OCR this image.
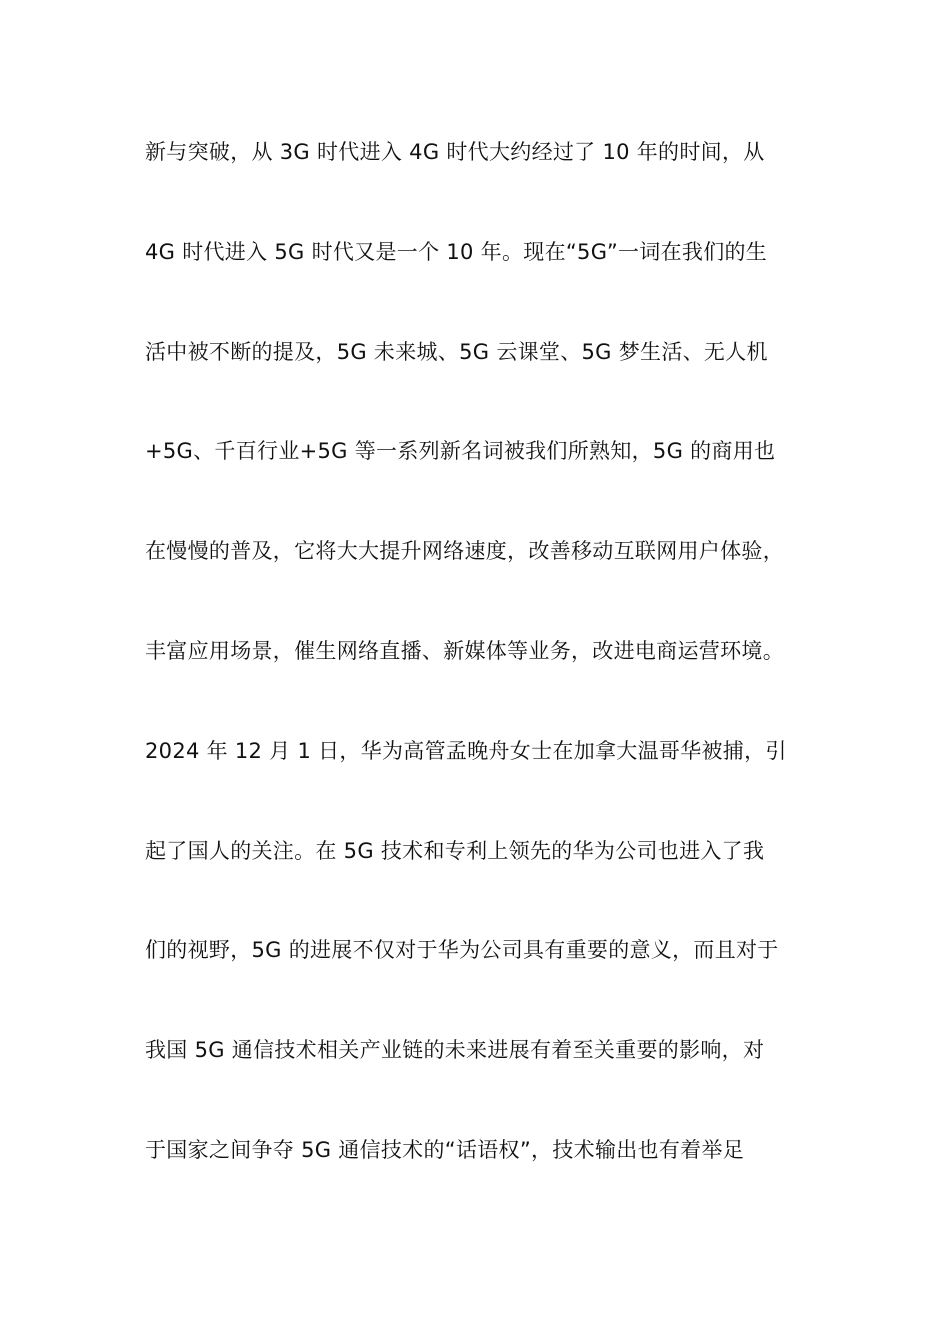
新与突破，从 3G 时代进入 4G 时代大约经过了 10 年的时间，从

4G 时代进入 5G 时代又是一个 10 年。现在“5G”一词在我们的生

活中被不断的提及，5G 未来城、5G 云课堂、5G 梦生活、无人机

+5G、千百行业+5G 等一系列新名词被我们所熟知，5G 的商用也

在慢慢的普及，它将大大提升网络速度，改善移动互联网用户体验，

丰富应用场景，催生网络直播、新媒体等业务，改进电商运营环境。

2024 年 12 月 1 日，华为高管孟晚舟女士在加拿大温哥华被捕，引

起了国人的关注。在 5G 技术和专利上领先的华为公司也进入了我

们的视野，5G 的进展不仅对于华为公司具有重要的意义，而且对于

我国 5G 通信技术相关产业链的未来进展有着至关重要的影响，对

于国家之间争夺 5G 通信技术的“话语权”，技术输出也有着举足
